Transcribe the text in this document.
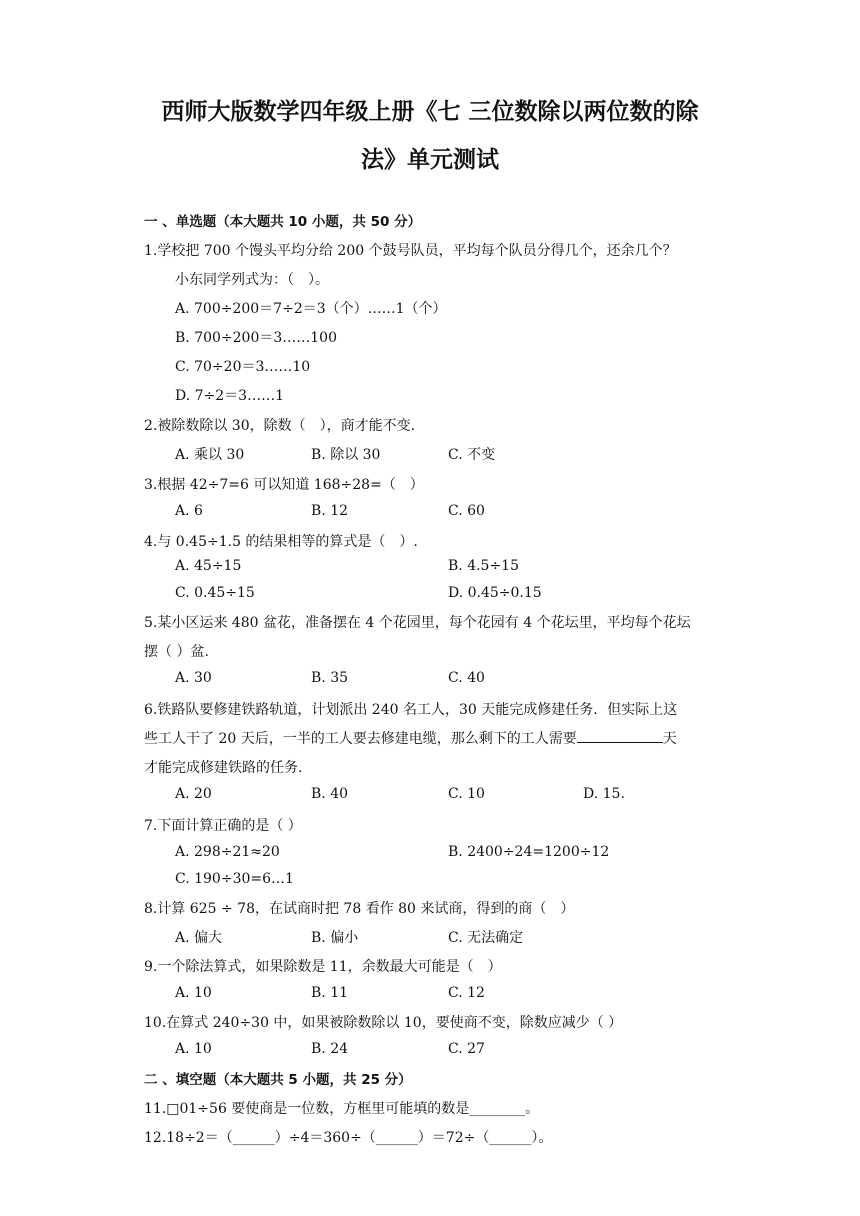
西师大版数学四年级上册《七 三位数除以两位数的除
法》单元测试
一 、单选题（本大题共 10 小题，共 50 分）
1.学校把 700 个馒头平均分给 200 个鼓号队员，平均每个队员分得几个，还余几个？
小东同学列式为：（　）。
A. 700÷200＝7÷2＝3（个）……1（个）
B. 700÷200＝3……100
C. 70÷20＝3……10
D. 7÷2＝3……1
2.被除数除以 30，除数（　），商才能不变.
A. 乘以 30	B. 除以 30	C. 不变
3.根据 42÷7=6 可以知道 168÷28=（　）
A. 6	B. 12	C. 60
4.与 0.45÷1.5 的结果相等的算式是（　）.
A. 45÷15	B. 4.5÷15
C. 0.45÷15	D. 0.45÷0.15
5.某小区运来 480 盆花，准备摆在 4 个花园里，每个花园有 4 个花坛里，平均每个花坛
摆（ ）盆.
A. 30	B. 35	C. 40
6.铁路队要修建铁路轨道，计划派出 240 名工人，30 天能完成修建任务．但实际上这
些工人干了 20 天后，一半的工人要去修建电缆，那么剩下的工人需要	天
才能完成修建铁路的任务.
A. 20	B. 40	C. 10	D. 15.
7.下面计算正确的是（ ）
A. 298÷21≈20	B. 2400÷24=1200÷12
C. 190÷30=6…1
8.计算 625 ÷ 78，在试商时把 78 看作 80 来试商，得到的商（　）
A. 偏大	B. 偏小	C. 无法确定
9.一个除法算式，如果除数是 11，余数最大可能是（　）
A. 10	B. 11	C. 12
10.在算式 240÷30 中，如果被除数除以 10，要使商不变，除数应减少（ ）
A. 10	B. 24	C. 27
二 、填空题（本大题共 5 小题，共 25 分）
11.□01÷56 要使商是一位数，方框里可能填的数是________。
12.18÷2＝（______）÷4＝360÷（______）＝72÷（______）。
